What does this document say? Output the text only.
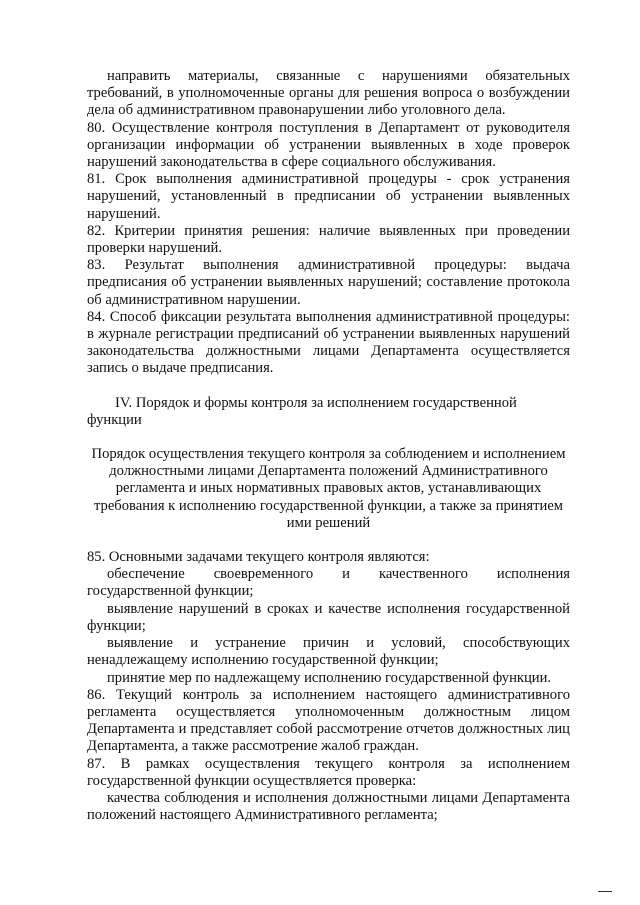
направить материалы, связанные с нарушениями обязательных требований, в уполномоченные органы для решения вопроса о возбуждении дела об административном правонарушении либо уголовного дела.

80. Осуществление контроля поступления в Департамент от руководителя организации информации об устранении выявленных в ходе проверок нарушений законодательства в сфере социального обслуживания.

81. Срок выполнения административной процедуры - срок устранения нарушений, установленный в предписании об устранении выявленных нарушений.

82. Критерии принятия решения: наличие выявленных при проведении проверки нарушений.

83. Результат выполнения административной процедуры: выдача предписания об устранении выявленных нарушений; составление протокола об административном нарушении.

84. Способ фиксации результата выполнения административной процедуры: в журнале регистрации предписаний об устранении выявленных нарушений законодательства должностными лицами Департамента осуществляется запись о выдаче предписания.

IV. Порядок и формы контроля за исполнением государственной функции

Порядок осуществления текущего контроля за соблюдением и исполнением должностными лицами Департамента положений Административного регламента и иных нормативных правовых актов, устанавливающих требования к исполнению государственной функции, а также за принятием ими решений

85. Основными задачами текущего контроля являются:

обеспечение своевременного и качественного исполнения государственной функции;

выявление нарушений в сроках и качестве исполнения государственной функции;

выявление и устранение причин и условий, способствующих ненадлежащему исполнению государственной функции;

принятие мер по надлежащему исполнению государственной функции.

86. Текущий контроль за исполнением настоящего административного регламента осуществляется уполномоченным должностным лицом Департамента и представляет собой рассмотрение отчетов должностных лиц Департамента, а также рассмотрение жалоб граждан.

87. В рамках осуществления текущего контроля за исполнением государственной функции осуществляется проверка:

качества соблюдения и исполнения должностными лицами Департамента положений настоящего Административного регламента;
